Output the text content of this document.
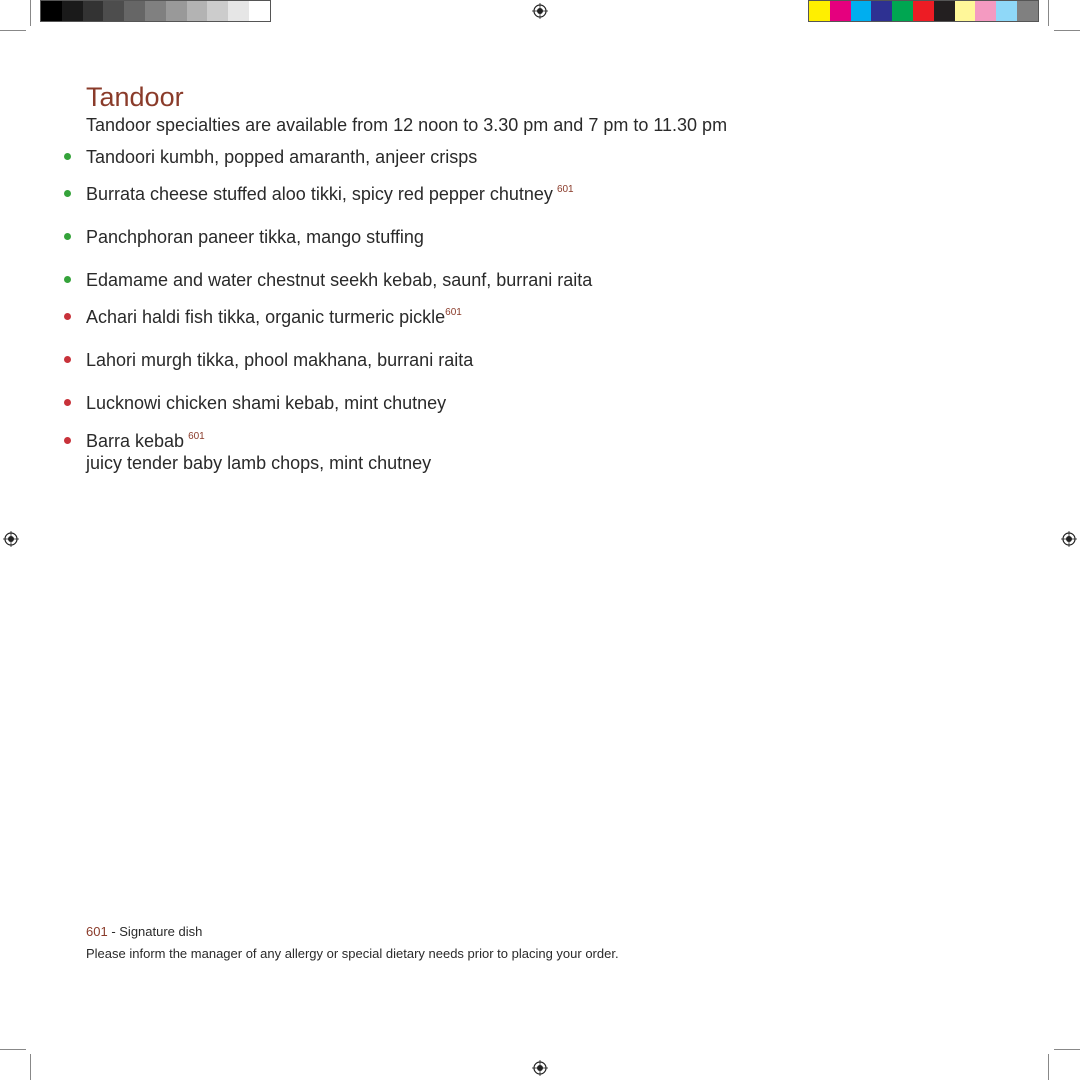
Tandoor

Tandoor specialties are available from 12 noon to 3.30 pm and 7 pm to 11.30 pm

Tandoori kumbh, popped amaranth, anjeer crisps
Burrata cheese stuffed aloo tikki, spicy red pepper chutney $^{601}$
Panchphoran paneer tikka, mango stuffing
Edamame and water chestnut seekh kebab, saunf, burrani raita
Achari haldi fish tikka, organic turmeric pickle$^{601}$
Lahori murgh tikka, phool makhana, burrani raita
Lucknowi chicken shami kebab, mint chutney
Barra kebab $^{601}$
juicy tender baby lamb chops, mint chutney
601 - Signature dish
Please inform the manager of any allergy or special dietary needs prior to placing your order.
